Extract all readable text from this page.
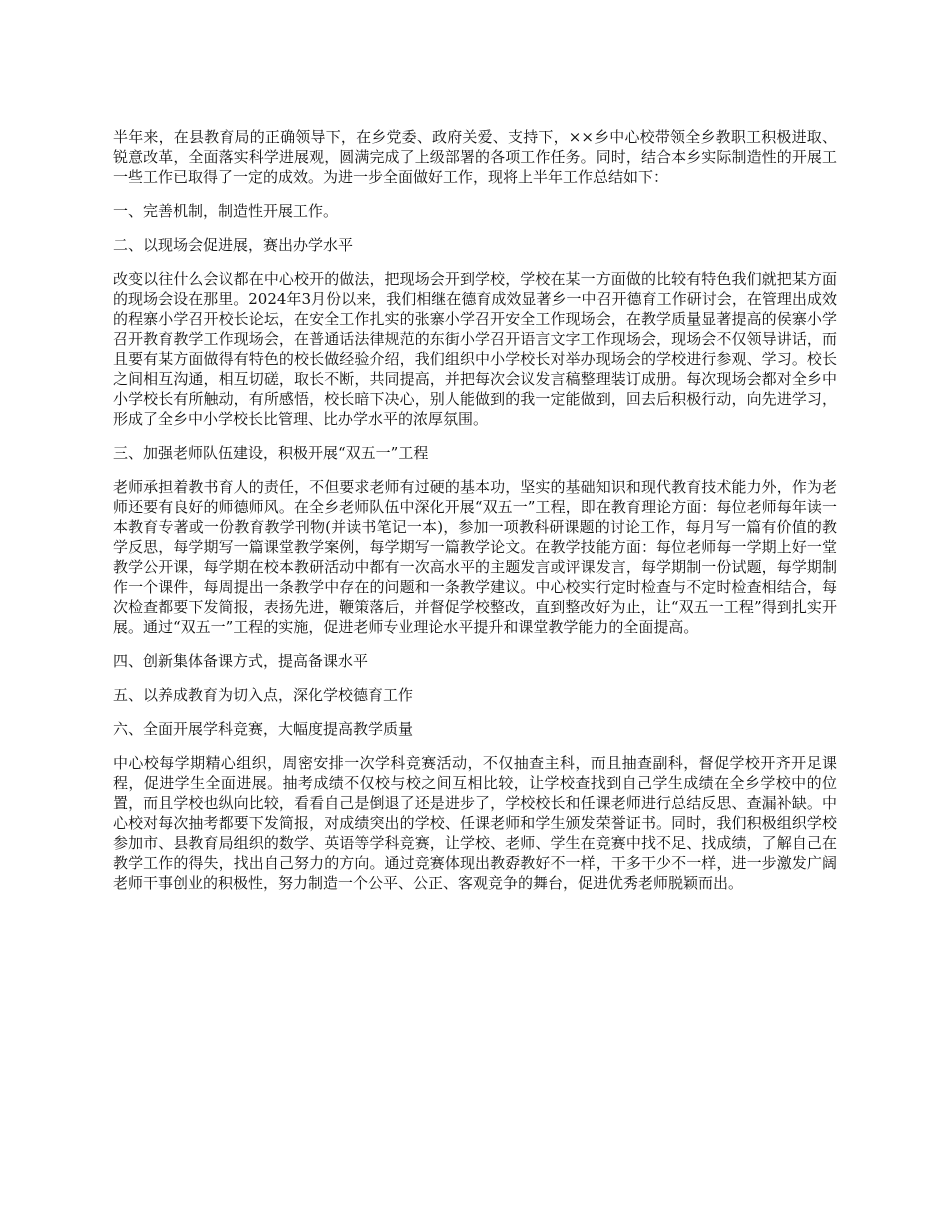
半年来，在县教育局的正确领导下，在乡党委、政府关爱、支持下，××乡中心校带领全乡教职工积极进取、锐意改革，全面落实科学进展观，圆满完成了上级部署的各项工作任务。同时，结合本乡实际制造性的开展工一些工作已取得了一定的成效。为进一步全面做好工作，现将上半年工作总结如下：

一、完善机制，制造性开展工作。

二、以现场会促进展，赛出办学水平

改变以往什么会议都在中心校开的做法，把现场会开到学校，学校在某一方面做的比较有特色我们就把某方面的现场会设在那里。2024年3月份以来，我们相继在德育成效显著乡一中召开德育工作研讨会，在管理出成效的程寨小学召开校长论坛，在安全工作扎实的张寨小学召开安全工作现场会，在教学质量显著提高的侯寨小学召开教育教学工作现场会，在普通话法律规范的东街小学召开语言文字工作现场会，现场会不仅领导讲话，而且要有某方面做得有特色的校长做经验介绍，我们组织中小学校长对举办现场会的学校进行参观、学习。校长之间相互沟通，相互切磋，取长不断，共同提高，并把每次会议发言稿整理装订成册。每次现场会都对全乡中小学校长有所触动，有所感悟，校长暗下决心，别人能做到的我一定能做到，回去后积极行动，向先进学习，形成了全乡中小学校长比管理、比办学水平的浓厚氛围。

三、加强老师队伍建设，积极开展“双五一”工程

老师承担着教书育人的责任，不但要求老师有过硬的基本功，坚实的基础知识和现代教育技术能力外，作为老师还要有良好的师德师风。在全乡老师队伍中深化开展“双五一”工程，即在教育理论方面：每位老师每年读一本教育专著或一份教育教学刊物(并读书笔记一本)，参加一项教科研课题的讨论工作，每月写一篇有价值的教学反思，每学期写一篇课堂教学案例，每学期写一篇教学论文。在教学技能方面：每位老师每一学期上好一堂教学公开课，每学期在校本教研活动中都有一次高水平的主题发言或评课发言，每学期制一份试题，每学期制作一个课件，每周提出一条教学中存在的问题和一条教学建议。中心校实行定时检查与不定时检查相结合，每次检查都要下发简报，表扬先进，鞭策落后，并督促学校整改，直到整改好为止，让“双五一工程”得到扎实开展。通过“双五一”工程的实施，促进老师专业理论水平提升和课堂教学能力的全面提高。

四、创新集体备课方式，提高备课水平

五、以养成教育为切入点，深化学校德育工作

六、全面开展学科竞赛，大幅度提高教学质量

中心校每学期精心组织，周密安排一次学科竞赛活动，不仅抽查主科，而且抽查副科，督促学校开齐开足课程，促进学生全面进展。抽考成绩不仅校与校之间互相比较，让学校查找到自己学生成绩在全乡学校中的位置，而且学校也纵向比较，看看自己是倒退了还是进步了，学校校长和任课老师进行总结反思、查漏补缺。中心校对每次抽考都要下发简报，对成绩突出的学校、任课老师和学生颁发荣誉证书。同时，我们积极组织学校参加市、县教育局组织的数学、英语等学科竞赛，让学校、老师、学生在竞赛中找不足、找成绩，了解自己在教学工作的得失，找出自己努力的方向。通过竞赛体现出教孬教好不一样，干多干少不一样，进一步激发广阔老师干事创业的积极性，努力制造一个公平、公正、客观竞争的舞台，促进优秀老师脱颖而出。
